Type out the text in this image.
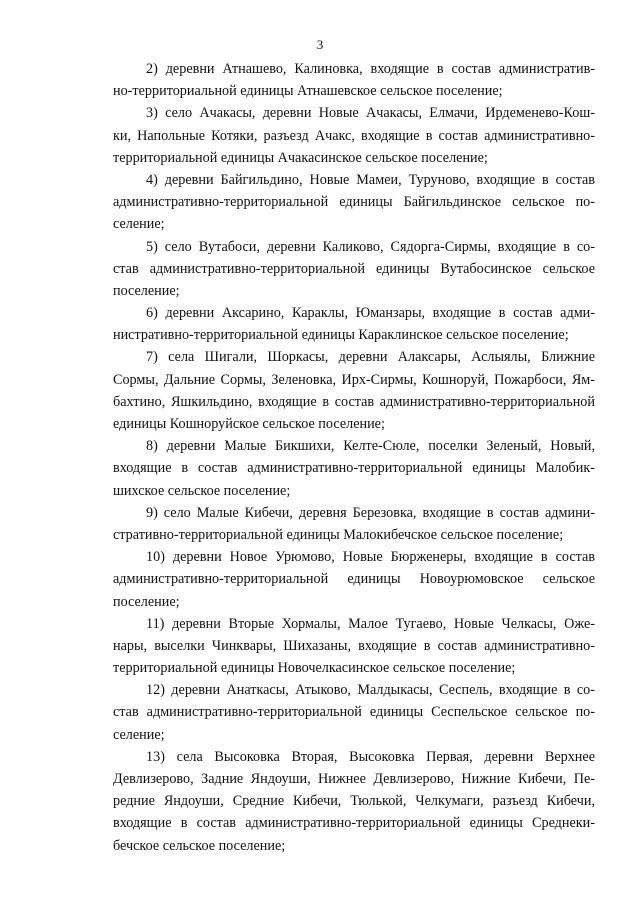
3
2) деревни Атнашево, Калиновка, входящие в состав административ-
но-территориальной единицы Атнашевское сельское поселение;
3) село Ачакасы, деревни Новые Ачакасы, Елмачи, Ирдеменево-Кош-
ки, Напольные Котяки, разъезд Ачакс, входящие в состав административно-
территориальной единицы Ачакасинское сельское поселение;
4) деревни Байгильдино, Новые Мамеи, Туруново, входящие в состав
административно-территориальной единицы Байгильдинское сельское по-
селение;
5) село Вутабоси, деревни Каликово, Сядорга-Сирмы, входящие в со-
став административно-территориальной единицы Вутабосинское сельское
поселение;
6) деревни Аксарино, Караклы, Юманзары, входящие в состав адми-
нистративно-территориальной единицы Караклинское сельское поселение;
7) села Шигали, Шоркасы, деревни Алаксары, Аслыялы, Ближние
Сормы, Дальние Сормы, Зеленовка, Ирх-Сирмы, Кошноруй, Пожарбоси, Ям-
бахтино, Яшкильдино, входящие в состав административно-территориальной
единицы Кошноруйское сельское поселение;
8) деревни Малые Бикшихи, Келте-Сюле, поселки Зеленый, Новый,
входящие в состав административно-территориальной единицы Малобик-
шихское сельское поселение;
9) село Малые Кибечи, деревня Березовка, входящие в состав админи-
стративно-территориальной единицы Малокибечское сельское поселение;
10) деревни Новое Урюмово, Новые Бюрженеры, входящие в состав
административно-территориальной единицы Новоурюмовское сельское
поселение;
11) деревни Вторые Хормалы, Малое Тугаево, Новые Челкасы, Оже-
нары, выселки Чинквары, Шихазаны, входящие в состав административно-
территориальной единицы Новочелкасинское сельское поселение;
12) деревни Анаткасы, Атыково, Малдыкасы, Сеспель, входящие в со-
став административно-территориальной единицы Сеспельское сельское по-
селение;
13) села Высоковка Вторая, Высоковка Первая, деревни Верхнее
Девлизерово, Задние Яндоуши, Нижнее Девлизерово, Нижние Кибечи, Пе-
редние Яндоуши, Средние Кибечи, Тюлькой, Челкумаги, разъезд Кибечи,
входящие в состав административно-территориальной единицы Среднеки-
бечское сельское поселение;
